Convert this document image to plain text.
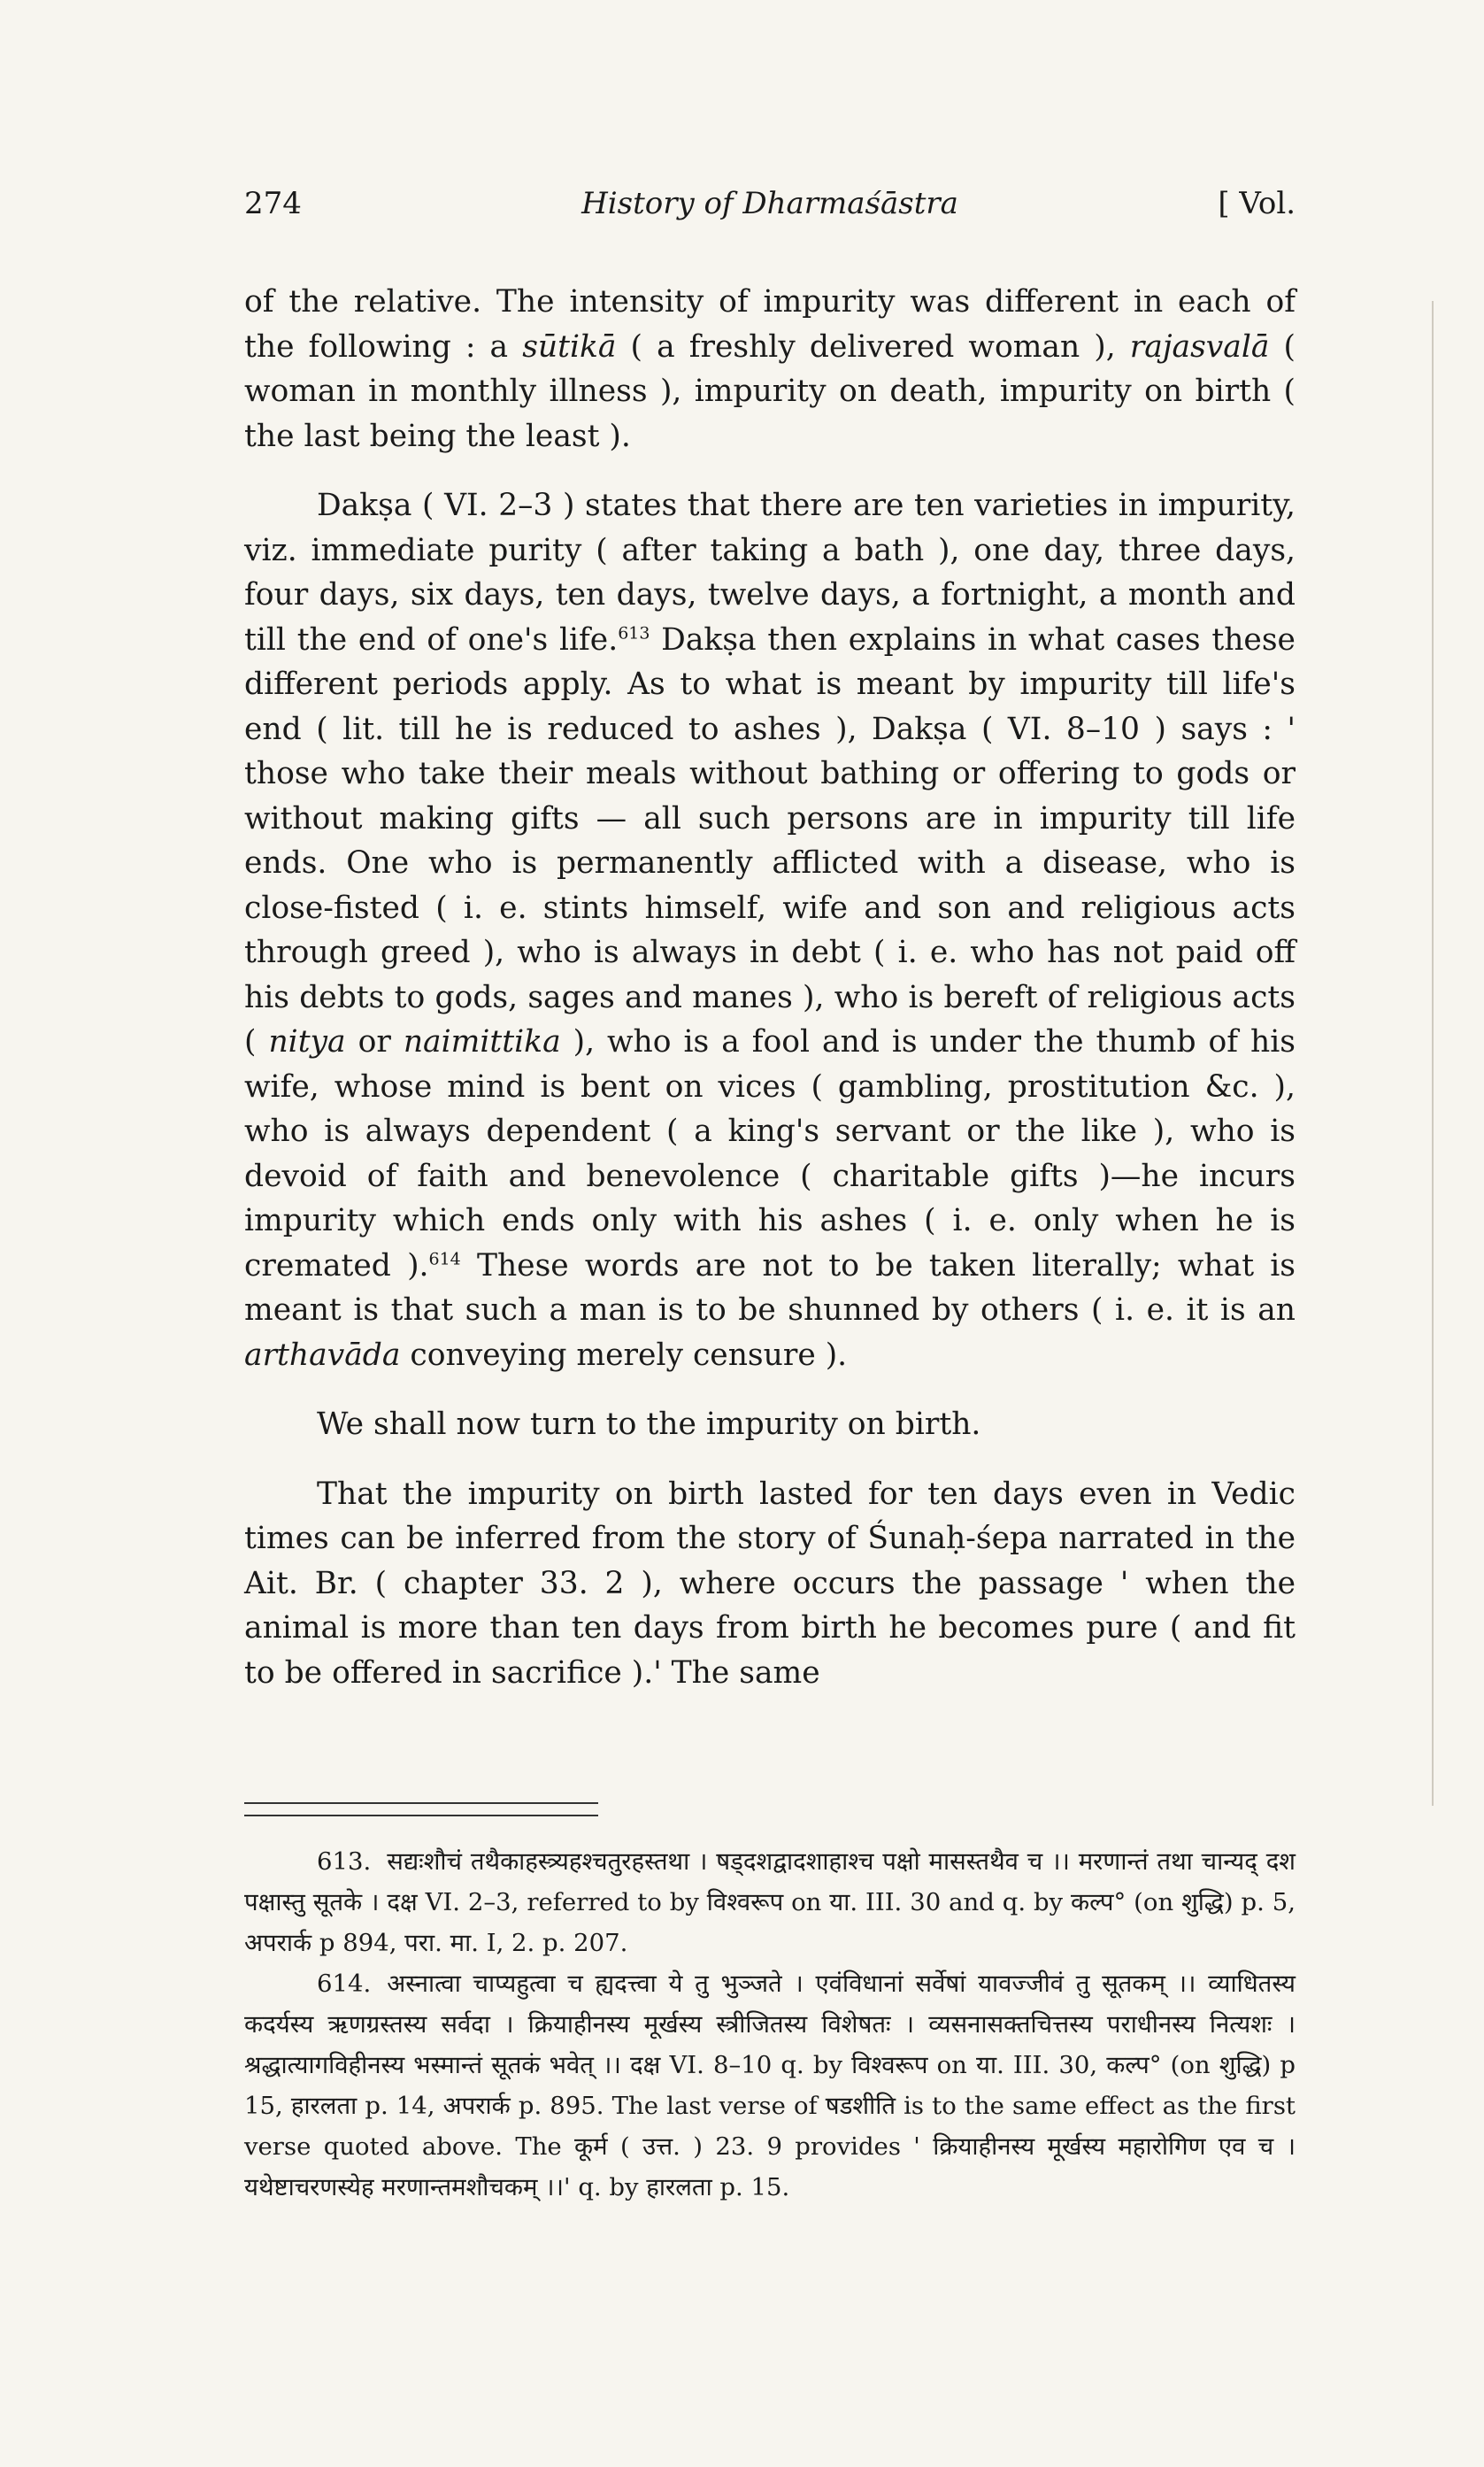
274	History of Dharmaśāstra	[ Vol.

of the relative. The intensity of impurity was different in each of the following : a sūtikā ( a freshly delivered woman ), rajasvalā ( woman in monthly illness ), impurity on death, impurity on birth ( the last being the least ).

Dakṣa ( VI. 2–3 ) states that there are ten varieties in impurity, viz. immediate purity ( after taking a bath ), one day, three days, four days, six days, ten days, twelve days, a fortnight, a month and till the end of one's life.$^{613}$ Dakṣa then explains in what cases these different periods apply. As to what is meant by impurity till life's end ( lit. till he is reduced to ashes ), Dakṣa ( VI. 8–10 ) says : ' those who take their meals without bathing or offering to gods or without making gifts — all such persons are in impurity till life ends. One who is permanently afflicted with a disease, who is close-fisted ( i. e. stints himself, wife and son and religious acts through greed ), who is always in debt ( i. e. who has not paid off his debts to gods, sages and manes ), who is bereft of religious acts ( nitya or naimittika ), who is a fool and is under the thumb of his wife, whose mind is bent on vices ( gambling, prostitution &c. ), who is always dependent ( a king's servant or the like ), who is devoid of faith and benevolence ( charitable gifts )—he incurs impurity which ends only with his ashes ( i. e. only when he is cremated ).$^{614}$ These words are not to be taken literally; what is meant is that such a man is to be shunned by others ( i. e. it is an arthavāda conveying merely censure ).

We shall now turn to the impurity on birth.

That the impurity on birth lasted for ten days even in Vedic times can be inferred from the story of Śunaḥ-śepa narrated in the Ait. Br. ( chapter 33. 2 ), where occurs the passage ' when the animal is more than ten days from birth he becomes pure ( and fit to be offered in sacrifice ).' The same

613. सद्यःशौचं तथैकाहस्त्र्यहश्चतुरहस्तथा । षड्दशद्वादशाहाश्च पक्षो मासस्तथैव च ।। मरणान्तं तथा चान्यद् दश पक्षास्तु सूतके । दक्ष VI. 2–3, referred to by विश्वरूप on या. III. 30 and q. by कल्प° (on शुद्धि) p. 5, अपरार्क p 894, परा. मा. I, 2. p. 207.

614. अस्नात्वा चाप्यहुत्वा च ह्यदत्त्वा ये तु भुञ्जते । एवंविधानां सर्वेषां यावज्जीवं तु सूतकम् ।। व्याधितस्य कदर्यस्य ऋणग्रस्तस्य सर्वदा । क्रियाहीनस्य मूर्खस्य स्त्रीजितस्य विशेषतः । व्यसनासक्तचित्तस्य पराधीनस्य नित्यशः । श्रद्धात्यागविहीनस्य भस्मान्तं सूतकं भवेत् ।। दक्ष VI. 8–10 q. by विश्वरूप on या. III. 30, कल्प° (on शुद्धि) p 15, हारलता p. 14, अपरार्क p. 895. The last verse of षडशीति is to the same effect as the first verse quoted above. The कूर्म ( उत्त. ) 23. 9 provides ' क्रियाहीनस्य मूर्खस्य महारोगिण एव च । यथेष्टाचरणस्येह मरणान्तमशौचकम् ।।' q. by हारलता p. 15.
